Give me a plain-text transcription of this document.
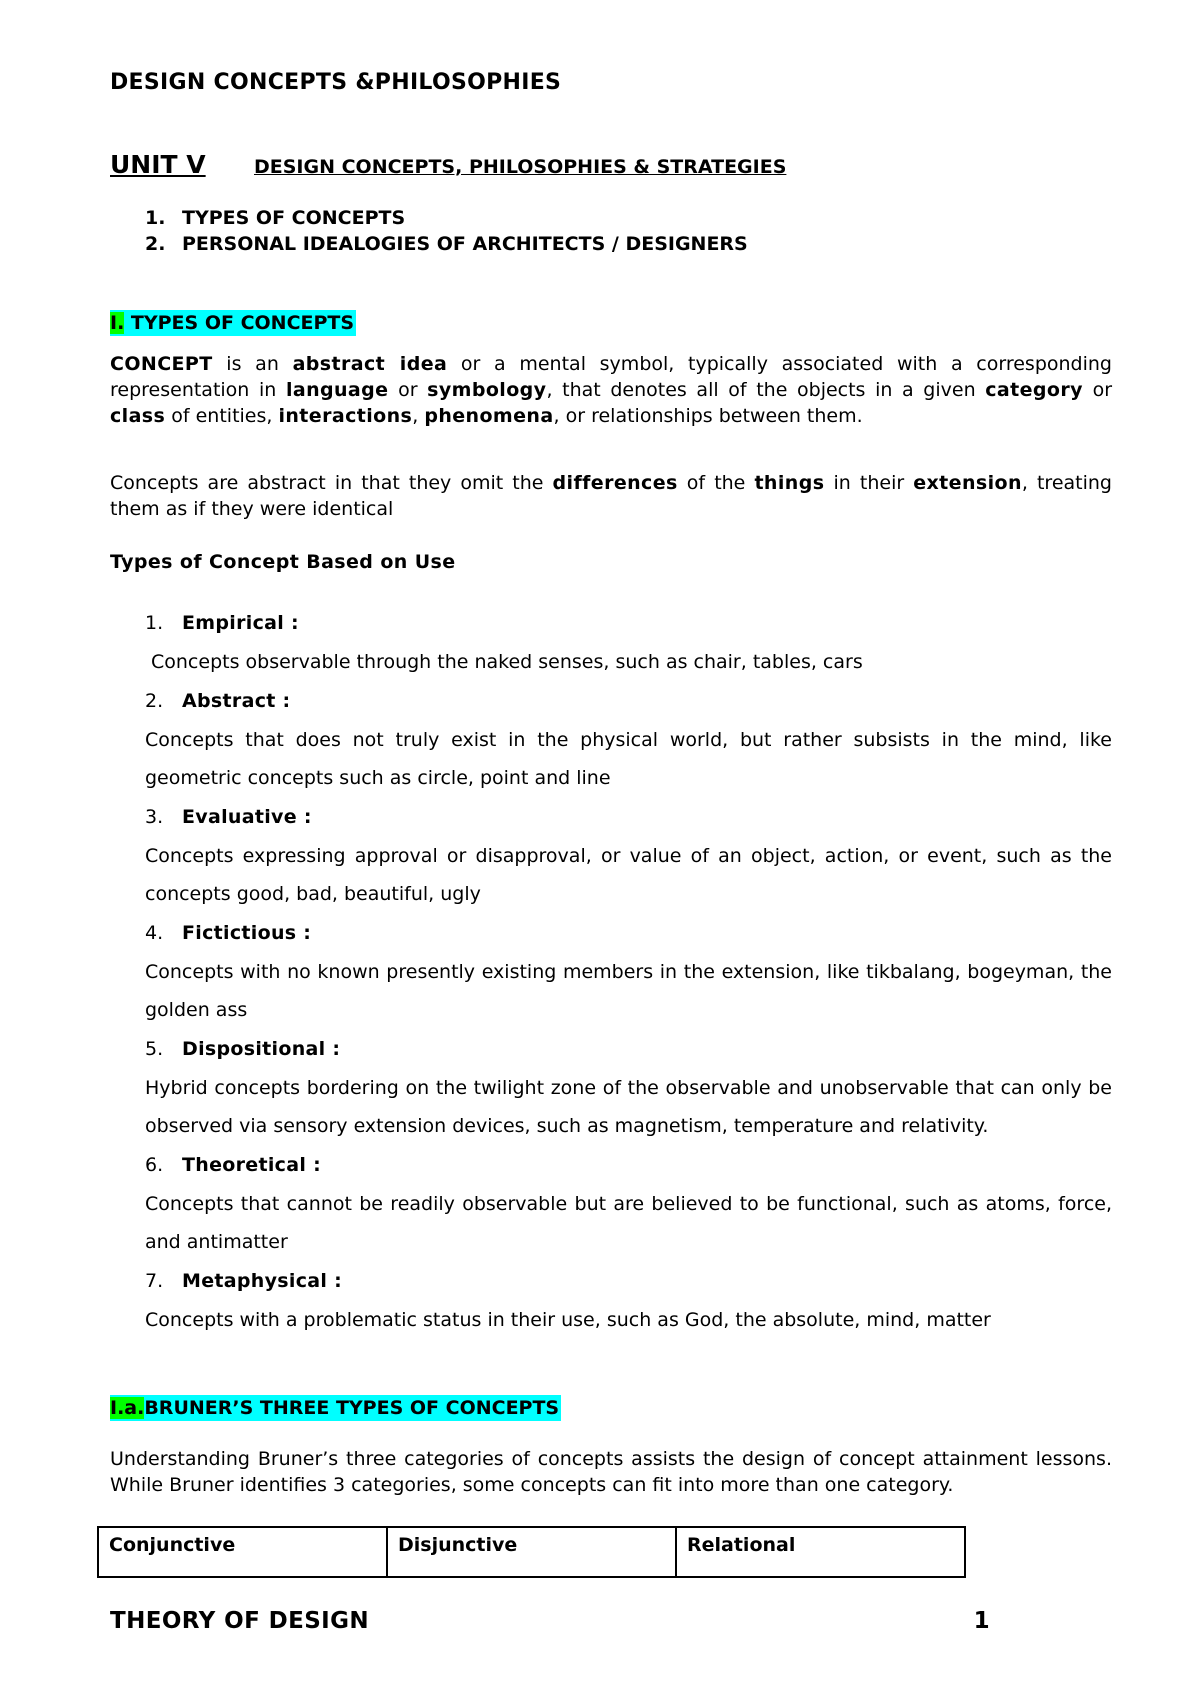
DESIGN CONCEPTS &PHILOSOPHIES
UNIT V	DESIGN CONCEPTS, PHILOSOPHIES & STRATEGIES
1. TYPES OF CONCEPTS
2. PERSONAL IDEALOGIES OF ARCHITECTS / DESIGNERS
I. TYPES OF CONCEPTS

CONCEPT is an abstract idea or a mental symbol, typically associated with a corresponding representation in language or symbology, that denotes all of the objects in a given category or class of entities, interactions, phenomena, or relationships between them.

Concepts are abstract in that they omit the differences of the things in their extension, treating them as if they were identical

Types of Concept Based on Use
1. Empirical :
Concepts observable through the naked senses, such as chair, tables, cars
2. Abstract :
Concepts that does not truly exist in the physical world, but rather subsists in the mind, like geometric concepts such as circle, point and line
3. Evaluative :
Concepts expressing approval or disapproval, or value of an object, action, or event, such as the concepts good, bad, beautiful, ugly
4. Fictictious :
Concepts with no known presently existing members in the extension, like tikbalang, bogeyman, the golden ass
5. Dispositional :
Hybrid concepts bordering on the twilight zone of the observable and unobservable that can only be observed via sensory extension devices, such as magnetism, temperature and relativity.
6. Theoretical :
Concepts that cannot be readily observable but are believed to be functional, such as atoms, force, and antimatter
7. Metaphysical :
Concepts with a problematic status in their use, such as God, the absolute, mind, matter
I.a.BRUNER’S THREE TYPES OF CONCEPTS

Understanding Bruner’s three categories of concepts assists the design of concept attainment lessons. While Bruner identifies 3 categories, some concepts can fit into more than one category.

Conjunctive	Disjunctive	Relational
THEORY OF DESIGN	1
